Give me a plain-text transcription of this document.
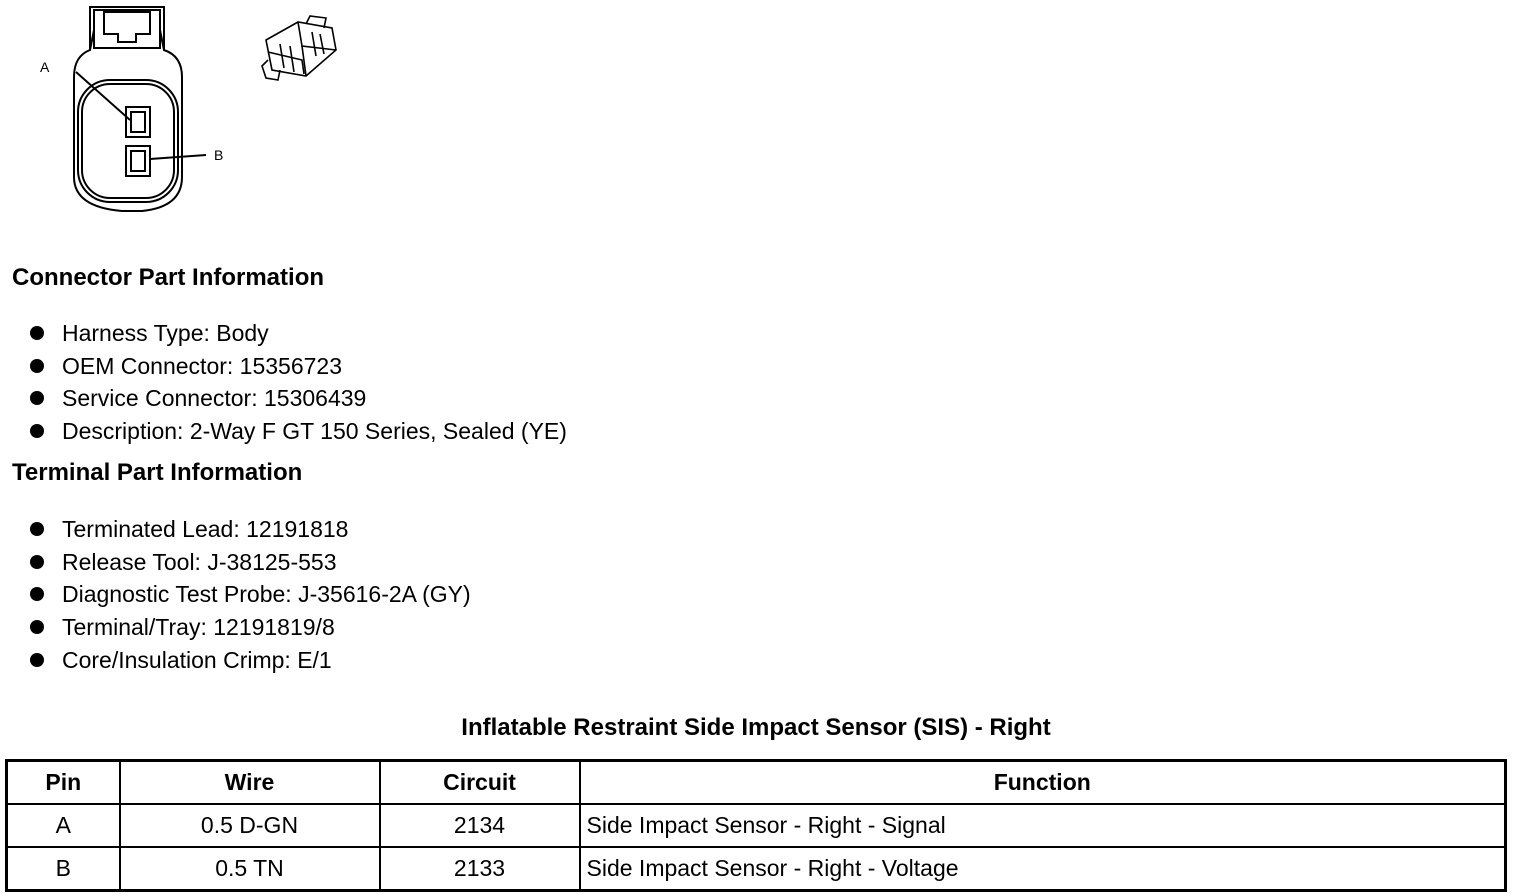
A
B
Connector Part Information
Harness Type: Body
OEM Connector: 15356723
Service Connector: 15306439
Description: 2-Way F GT 150 Series, Sealed (YE)
Terminal Part Information
Terminated Lead: 12191818
Release Tool: J-38125-553
Diagnostic Test Probe: J-35616-2A (GY)
Terminal/Tray: 12191819/8
Core/Insulation Crimp: E/1
Inflatable Restraint Side Impact Sensor (SIS) - Right
Pin	Wire	Circuit	Function
A	0.5 D-GN	2134	Side Impact Sensor - Right - Signal
B	0.5 TN	2133	Side Impact Sensor - Right - Voltage
